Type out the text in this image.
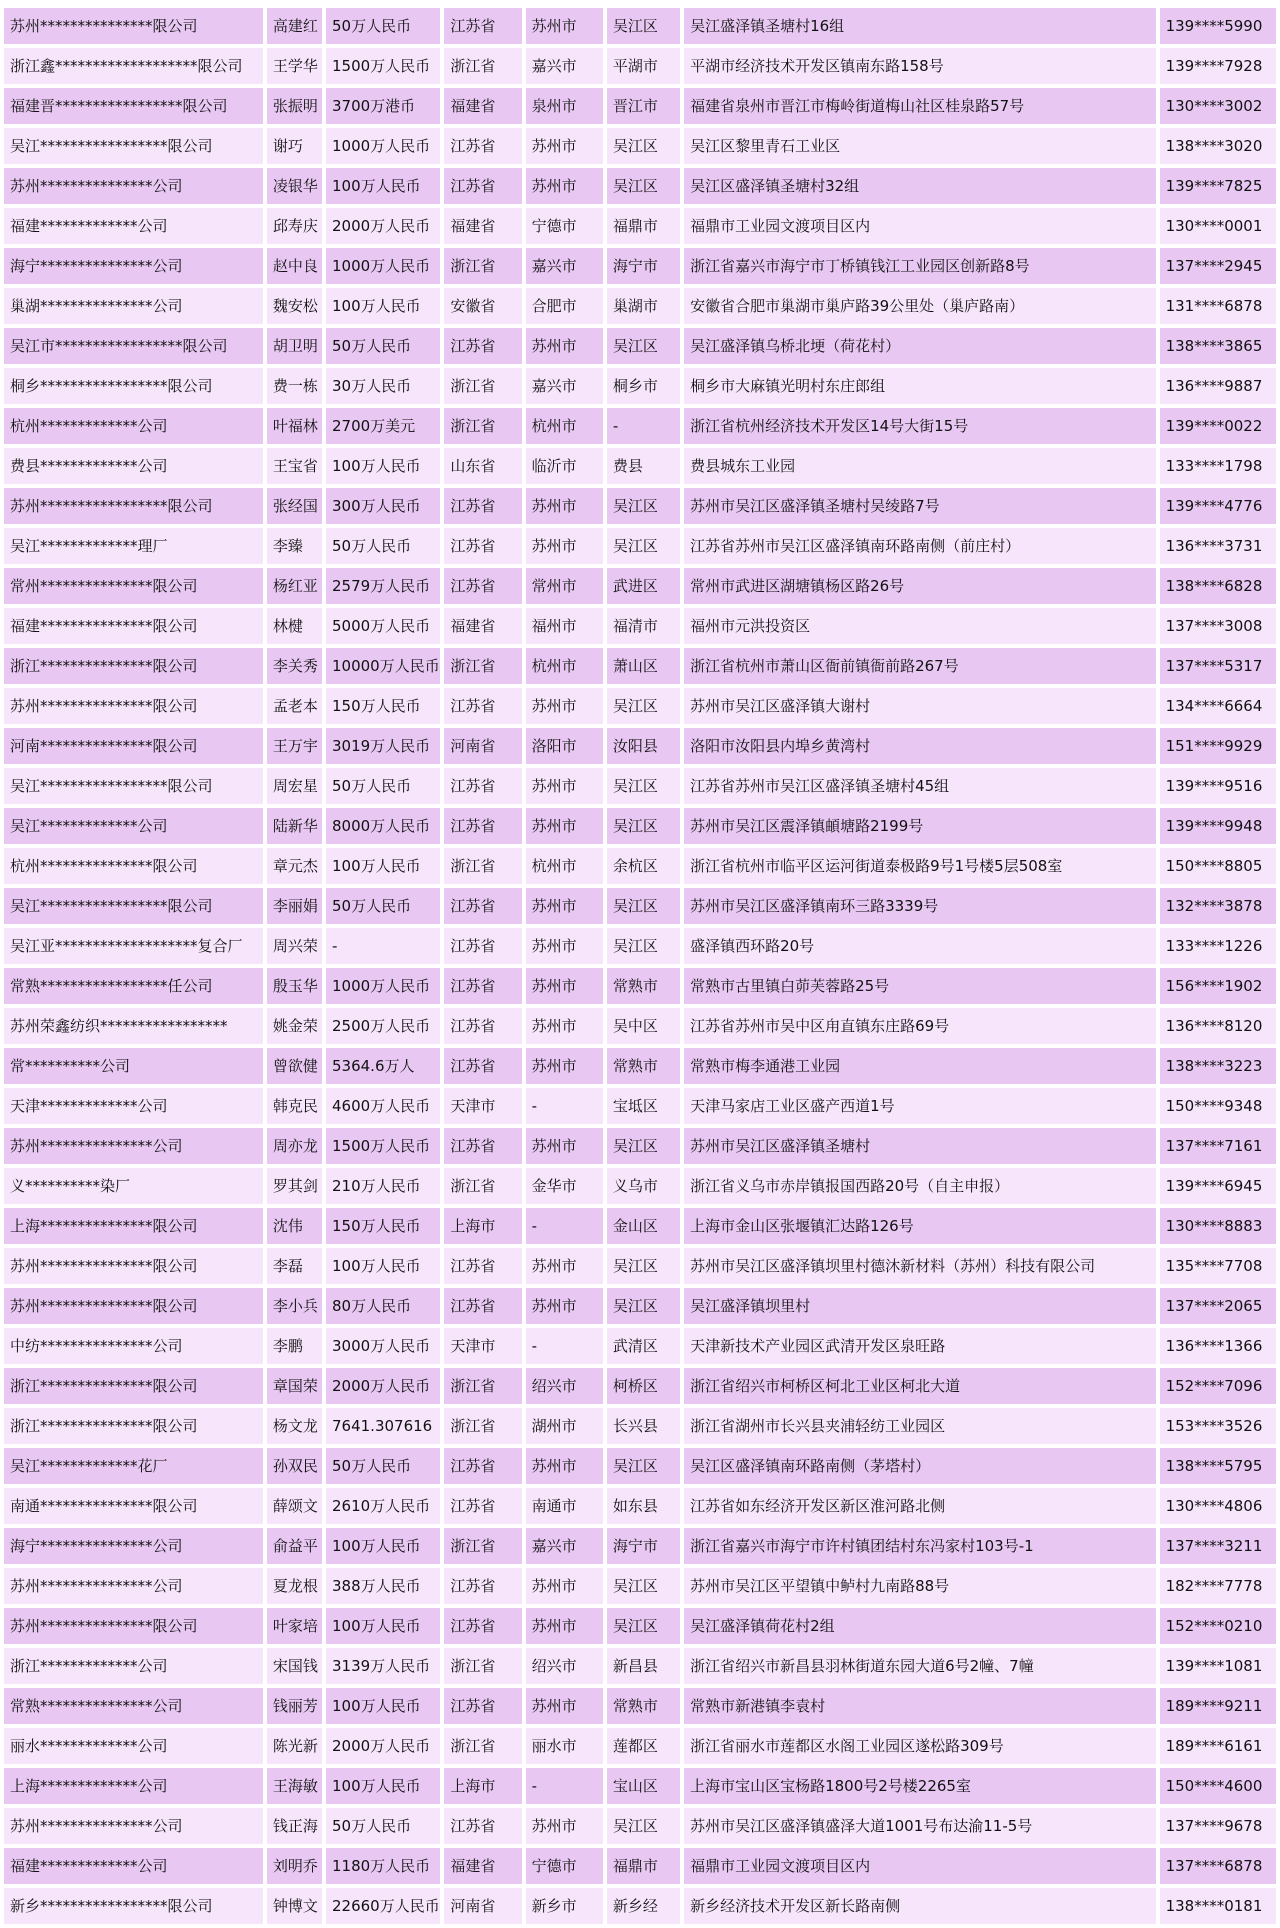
苏州***************限公司	高建红	50万人民币	江苏省	苏州市	吴江区	吴江盛泽镇圣塘村16组	139****5990
浙江鑫*******************限公司	王学华	1500万人民币	浙江省	嘉兴市	平湖市	平湖市经济技术开发区镇南东路158号	139****7928
福建晋*****************限公司	张振明	3700万港币	福建省	泉州市	晋江市	福建省泉州市晋江市梅岭街道梅山社区桂泉路57号	130****3002
吴江*****************限公司	谢巧	1000万人民币	江苏省	苏州市	吴江区	吴江区黎里青石工业区	138****3020
苏州***************公司	凌银华	100万人民币	江苏省	苏州市	吴江区	吴江区盛泽镇圣塘村32组	139****7825
福建*************公司	邱寿庆	2000万人民币	福建省	宁德市	福鼎市	福鼎市工业园文渡项目区内	130****0001
海宁***************公司	赵中良	1000万人民币	浙江省	嘉兴市	海宁市	浙江省嘉兴市海宁市丁桥镇钱江工业园区创新路8号	137****2945
巢湖***************公司	魏安松	100万人民币	安徽省	合肥市	巢湖市	安徽省合肥市巢湖市巢庐路39公里处（巢庐路南）	131****6878
吴江市*****************限公司	胡卫明	50万人民币	江苏省	苏州市	吴江区	吴江盛泽镇乌桥北埂（荷花村）	138****3865
桐乡*****************限公司	费一栋	30万人民币	浙江省	嘉兴市	桐乡市	桐乡市大麻镇光明村东庄郎组	136****9887
杭州*************公司	叶福林	2700万美元	浙江省	杭州市	-	浙江省杭州经济技术开发区14号大街15号	139****0022
费县*************公司	王宝省	100万人民币	山东省	临沂市	费县	费县城东工业园	133****1798
苏州*****************限公司	张经国	300万人民币	江苏省	苏州市	吴江区	苏州市吴江区盛泽镇圣塘村吴绫路7号	139****4776
吴江*************理厂	李臻	50万人民币	江苏省	苏州市	吴江区	江苏省苏州市吴江区盛泽镇南环路南侧（前庄村）	136****3731
常州***************限公司	杨红亚	2579万人民币	江苏省	常州市	武进区	常州市武进区湖塘镇杨区路26号	138****6828
福建***************限公司	林楗	5000万人民币	福建省	福州市	福清市	福州市元洪投资区	137****3008
浙江***************限公司	李关秀	10000万人民币	浙江省	杭州市	萧山区	浙江省杭州市萧山区衙前镇衙前路267号	137****5317
苏州***************限公司	孟老本	150万人民币	江苏省	苏州市	吴江区	苏州市吴江区盛泽镇大谢村	134****6664
河南***************限公司	王万宇	3019万人民币	河南省	洛阳市	汝阳县	洛阳市汝阳县内埠乡黄湾村	151****9929
吴江*****************限公司	周宏星	50万人民币	江苏省	苏州市	吴江区	江苏省苏州市吴江区盛泽镇圣塘村45组	139****9516
吴江*************公司	陆新华	8000万人民币	江苏省	苏州市	吴江区	苏州市吴江区震泽镇頔塘路2199号	139****9948
杭州***************限公司	章元杰	100万人民币	浙江省	杭州市	余杭区	浙江省杭州市临平区运河街道泰极路9号1号楼5层508室	150****8805
吴江*****************限公司	李丽娟	50万人民币	江苏省	苏州市	吴江区	苏州市吴江区盛泽镇南环三路3339号	132****3878
吴江亚*******************复合厂	周兴荣	-	江苏省	苏州市	吴江区	盛泽镇西环路20号	133****1226
常熟*****************任公司	殷玉华	1000万人民币	江苏省	苏州市	常熟市	常熟市古里镇白茆芙蓉路25号	156****1902
苏州荣鑫纺织*****************	姚金荣	2500万人民币	江苏省	苏州市	吴中区	江苏省苏州市吴中区甪直镇东庄路69号	136****8120
常**********公司	曾欲健	5364.6万人	江苏省	苏州市	常熟市	常熟市梅李通港工业园	138****3223
天津*************公司	韩克民	4600万人民币	天津市	-	宝坻区	天津马家店工业区盛产西道1号	150****9348
苏州***************公司	周亦龙	1500万人民币	江苏省	苏州市	吴江区	苏州市吴江区盛泽镇圣塘村	137****7161
义**********染厂	罗其剑	210万人民币	浙江省	金华市	义乌市	浙江省义乌市赤岸镇报国西路20号（自主申报）	139****6945
上海***************限公司	沈伟	150万人民币	上海市	-	金山区	上海市金山区张堰镇汇达路126号	130****8883
苏州***************限公司	李磊	100万人民币	江苏省	苏州市	吴江区	苏州市吴江区盛泽镇坝里村德沐新材料（苏州）科技有限公司	135****7708
苏州***************限公司	李小兵	80万人民币	江苏省	苏州市	吴江区	吴江盛泽镇坝里村	137****2065
中纺***************公司	李鹏	3000万人民币	天津市	-	武清区	天津新技术产业园区武清开发区泉旺路	136****1366
浙江***************限公司	章国荣	2000万人民币	浙江省	绍兴市	柯桥区	浙江省绍兴市柯桥区柯北工业区柯北大道	152****7096
浙江***************限公司	杨文龙	7641.307616	浙江省	湖州市	长兴县	浙江省湖州市长兴县夹浦轻纺工业园区	153****3526
吴江*************花厂	孙双民	50万人民币	江苏省	苏州市	吴江区	吴江区盛泽镇南环路南侧（茅塔村）	138****5795
南通***************限公司	薛颂文	2610万人民币	江苏省	南通市	如东县	江苏省如东经济开发区新区淮河路北侧	130****4806
海宁***************公司	俞益平	100万人民币	浙江省	嘉兴市	海宁市	浙江省嘉兴市海宁市许村镇团结村东冯家村103号-1	137****3211
苏州***************公司	夏龙根	388万人民币	江苏省	苏州市	吴江区	苏州市吴江区平望镇中鲈村九南路88号	182****7778
苏州***************限公司	叶家培	100万人民币	江苏省	苏州市	吴江区	吴江盛泽镇荷花村2组	152****0210
浙江*************公司	宋国钱	3139万人民币	浙江省	绍兴市	新昌县	浙江省绍兴市新昌县羽林街道东园大道6号2幢、7幢	139****1081
常熟***************公司	钱丽芳	100万人民币	江苏省	苏州市	常熟市	常熟市新港镇李袁村	189****9211
丽水*************公司	陈光新	2000万人民币	浙江省	丽水市	莲都区	浙江省丽水市莲都区水阁工业园区遂松路309号	189****6161
上海*************公司	王海敏	100万人民币	上海市	-	宝山区	上海市宝山区宝杨路1800号2号楼2265室	150****4600
苏州***************公司	钱正海	50万人民币	江苏省	苏州市	吴江区	苏州市吴江区盛泽镇盛泽大道1001号布达渝11-5号	137****9678
福建*************公司	刘明乔	1180万人民币	福建省	宁德市	福鼎市	福鼎市工业园文渡项目区内	137****6878
新乡*****************限公司	钟博文	22660万人民币	河南省	新乡市	新乡经	新乡经济技术开发区新长路南侧	138****0181
